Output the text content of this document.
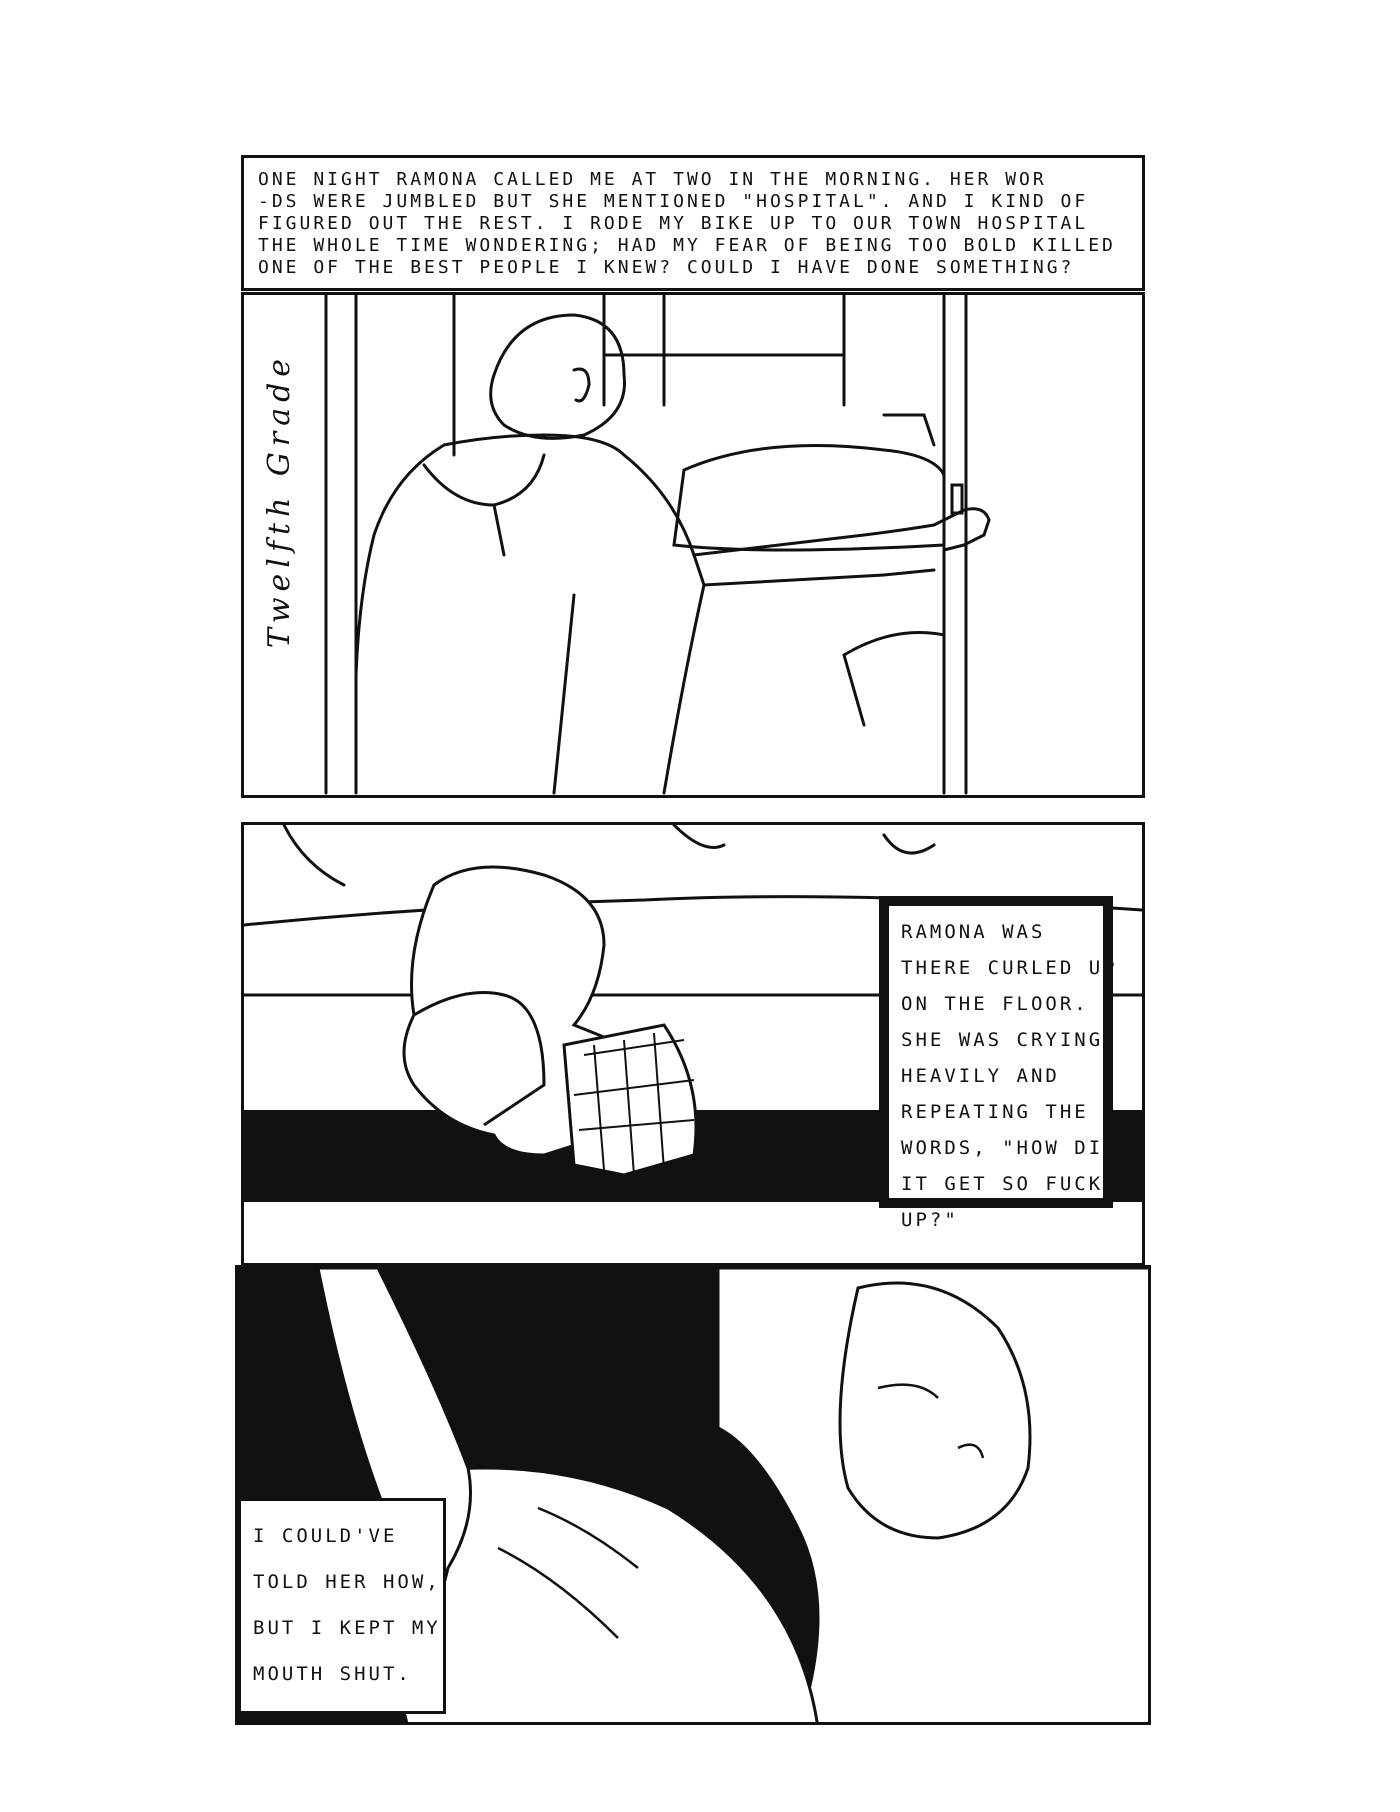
ONE NIGHT RAMONA CALLED ME AT TWO IN THE MORNING. HER WOR
-DS WERE JUMBLED BUT SHE MENTIONED "HOSPITAL". AND I KIND OF
FIGURED OUT THE REST. I RODE MY BIKE UP TO OUR TOWN HOSPITAL
THE WHOLE TIME WONDERING; HAD MY FEAR OF BEING TOO BOLD KILLED
ONE OF THE BEST PEOPLE I KNEW? COULD I HAVE DONE SOMETHING?
Twelfth Grade
RAMONA WAS
THERE CURLED UP
ON THE FLOOR.
SHE WAS CRYING
HEAVILY AND
REPEATING THE
WORDS, "HOW DID
IT GET SO FUCKED
UP?"
I COULD'VE
TOLD HER HOW,
BUT I KEPT MY
MOUTH SHUT.
